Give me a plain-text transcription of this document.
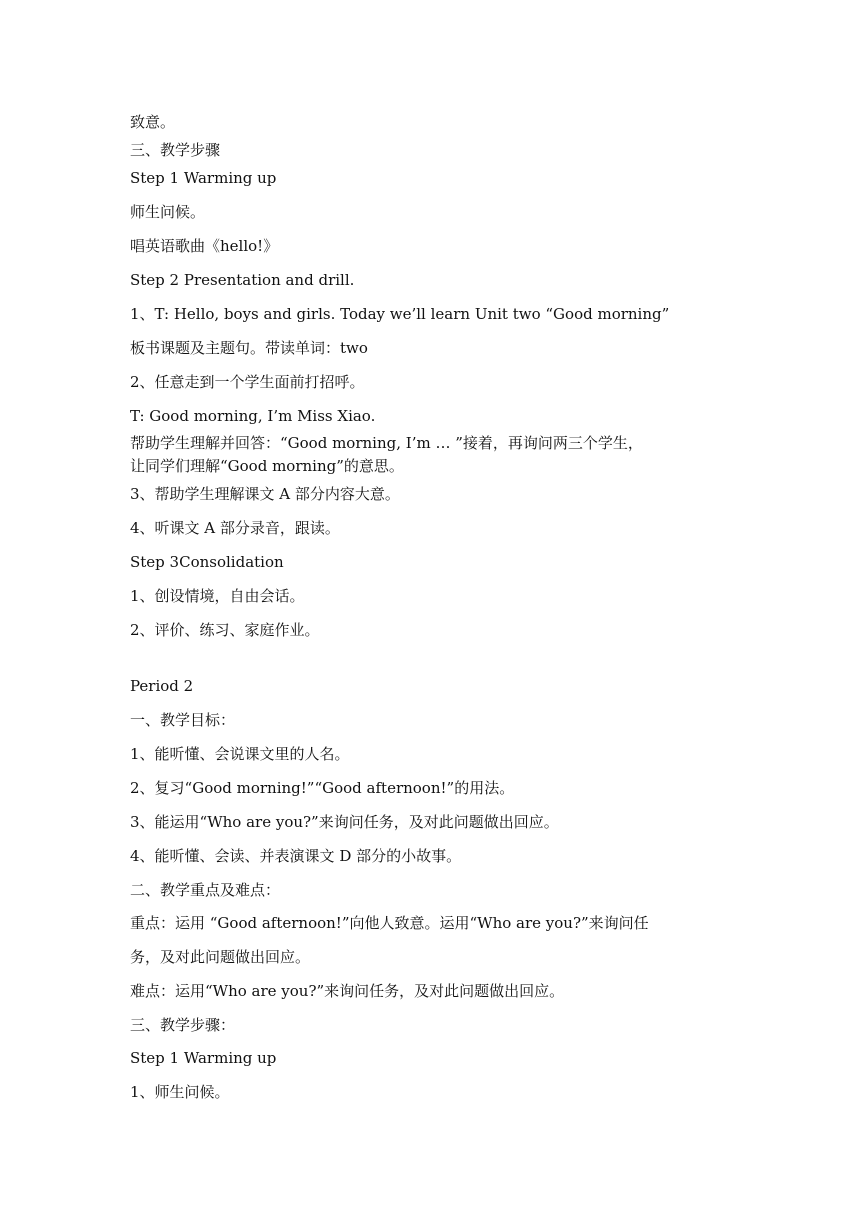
致意。
三、教学步骤
Step 1 Warming up
师生问候。
唱英语歌曲《hello!》
Step 2 Presentation and drill.
1、T: Hello, boys and girls. Today we’ll learn Unit two “Good morning”
板书课题及主题句。带读单词：two
2、任意走到一个学生面前打招呼。
T: Good morning, I’m Miss Xiao.
帮助学生理解并回答：“Good morning, I’m … ”接着，再询问两三个学生，
让同学们理解“Good morning”的意思。
3、帮助学生理解课文 A 部分内容大意。
4、听课文 A 部分录音，跟读。
Step 3Consolidation
1、创设情境，自由会话。
2、评价、练习、家庭作业。
Period 2
一、教学目标：
1、能听懂、会说课文里的人名。
2、复习“Good morning!”“Good afternoon!”的用法。
3、能运用“Who are you?”来询问任务，及对此问题做出回应。
4、能听懂、会读、并表演课文 D 部分的小故事。
二、教学重点及难点：
重点：运用 “Good afternoon!”向他人致意。运用“Who are you?”来询问任
务，及对此问题做出回应。
难点：运用“Who are you?”来询问任务，及对此问题做出回应。
三、教学步骤：
Step 1 Warming up
1、师生问候。
